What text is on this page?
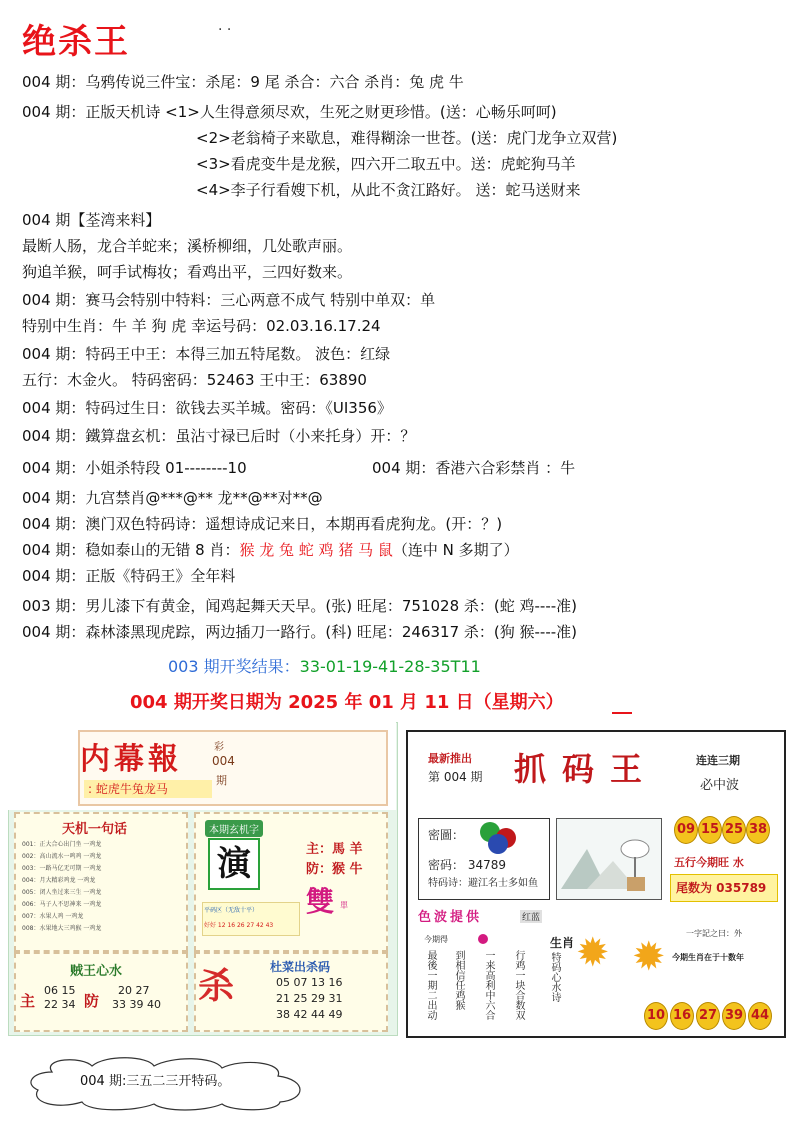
绝杀王	. .
004 期：乌鸦传说三件宝：杀尾：9 尾 杀合：六合 杀肖：兔 虎 牛
004 期：正版天机诗 <1>人生得意须尽欢，生死之财更珍惜。(送：心畅乐呵呵)
<2>老翁椅子来歇息，难得糊涂一世苍。(送：虎门龙争立双营)
<3>看虎变牛是龙猴，四六开二取五中。送：虎蛇狗马羊
<4>李子行看嫂下机，从此不贪江路好。 送：蛇马送财来
004 期【荃湾来料】
最断人肠，龙合羊蛇来；溪桥柳细，几处歌声丽。
狗追羊猴，呵手试梅妆；看鸡出平，三四好数来。
004 期：赛马会特别中特料：三心两意不成气 特别中单双：单
特别中生肖：牛 羊 狗 虎 幸运号码：02.03.16.17.24
004 期：特码王中王：本得三加五特尾数。 波色：红绿
五行：木金火。 特码密码：52463 王中王：63890
004 期：特码过生日：欲钱去买羊城。密码：《UI356》
004 期：鐵算盘玄机：虽沾寸禄已后时（小来托身）开：？
004 期：小姐杀特段 01--------10
004 期：九宫禁肖@***@** 龙**@**对**@
004 期：澳门双色特码诗：遥想诗成记来日，本期再看虎狗龙。(开：？)
004 期：稳如泰山的无错 8 肖：猴 龙 兔 蛇 鸡 猪 马 鼠（连中 N 多期了）
004 期：正版《特码王》全年料
003 期：男儿漆下有黄金，闻鸡起舞天天早。(张) 旺尾：751028 杀：(蛇 鸡----准)
004 期：森林漆黑现虎踪，两边插刀一路行。(科) 旺尾：246317 杀：(狗 猴----准)
004 期：香港六合彩禁肖 ：牛
003 期开奖结果：33-01-19-41-28-35T11
004 期开奖日期为 2025 年 01 月 11 日（星期六）
内幕報	彩
004
期
: 蛇虎牛兔龙马
天机一句话
001：正大合心出门坐 一鸡龙
002：高山流水一鸣鸡 一鸡龙
003：一路马亿无可期 一鸡龙
004：月大精彩鸡龙 一鸡龙
005：闭人坐过来三生 一鸡龙
006：马子人不思神来 一鸡龙
007：水果人鸡 一鸡龙
008：水果地大三鸡猴 一鸡龙
本期玄机字
演	主：馬 羊
防：猴 牛
雙 單
平码区（无敌十平）
好好 12 16 26 27 42 43
贼王心水
主	防
06 15	20 27
22 34	33 39 40 杀	杜菜出杀码
05 07 13 16
21 25 29 31
38 42 44 49
最新推出
第 004 期 抓码王	连连三期
必中波
密圖：
密码： 34789
特码诗：避江名士多如鱼
09 15 25 38
五行今期旺 水
尾数为 035789
色波提供	红蓝
今期得
最後一期二出动 到相信任鸡猴 一来高利中六合 行鸡一块合数双
生肖
特码心水诗 ✹ ✹
一字記之曰：外
今期生肖在于十数年
10 16 27 39 44
004 期:三五二三开特码。
